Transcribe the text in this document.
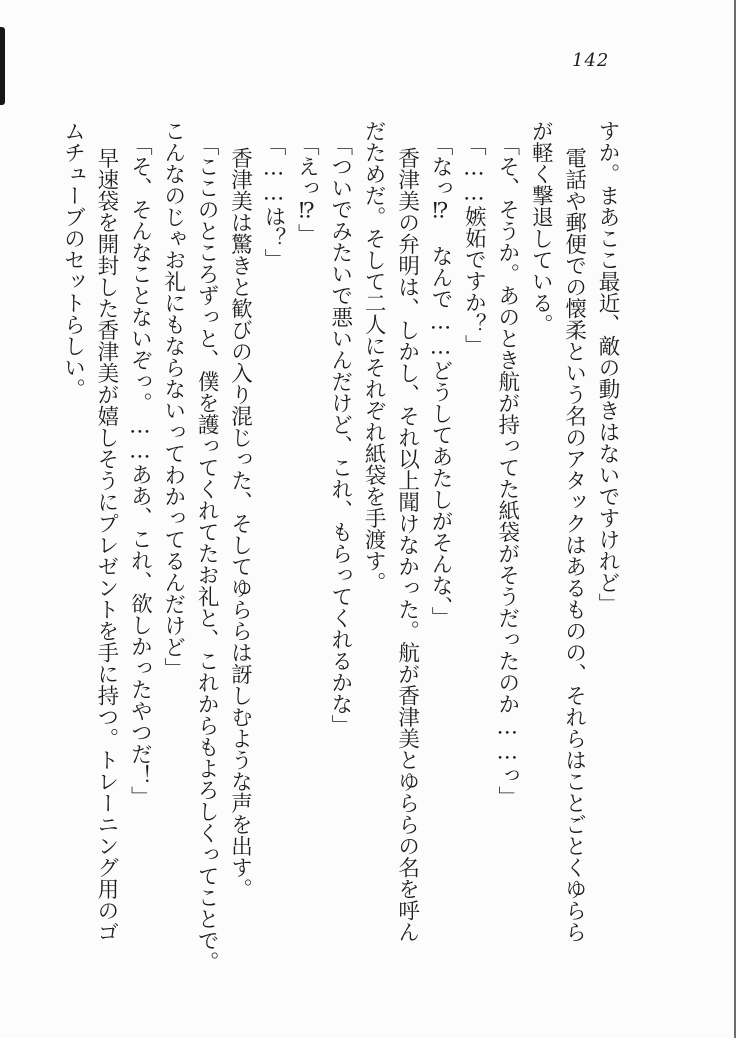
142
すか。まあここ最近、敵の動きはないですけれど」
電話や郵便での懐柔という名のアタックはあるものの、それらはことごとくゆらら
が軽く撃退している。
「そ、そうか。あのとき航が持ってた紙袋がそうだったのか……っ」
「……嫉妬ですか？」
「なっ⁉　なんで……どうしてあたしがそんな、」
香津美の弁明は、しかし、それ以上聞けなかった。航が香津美とゆららの名を呼ん
だためだ。そして二人にそれぞれ紙袋を手渡す。
「ついでみたいで悪いんだけど、これ、もらってくれるかな」
「えっ⁉」
「……は？」
香津美は驚きと歓びの入り混じった、そしてゆららは訝しむような声を出す。
「ここのところずっと、僕を護ってくれてたお礼と、これからもよろしくってことで。
こんなのじゃお礼にもならないってわかってるんだけど」
「そ、そんなことないぞっ。……ああ、これ、欲しかったやつだ！」
早速袋を開封した香津美が嬉しそうにプレゼントを手に持つ。トレーニング用のゴ
ムチューブのセットらしい。
